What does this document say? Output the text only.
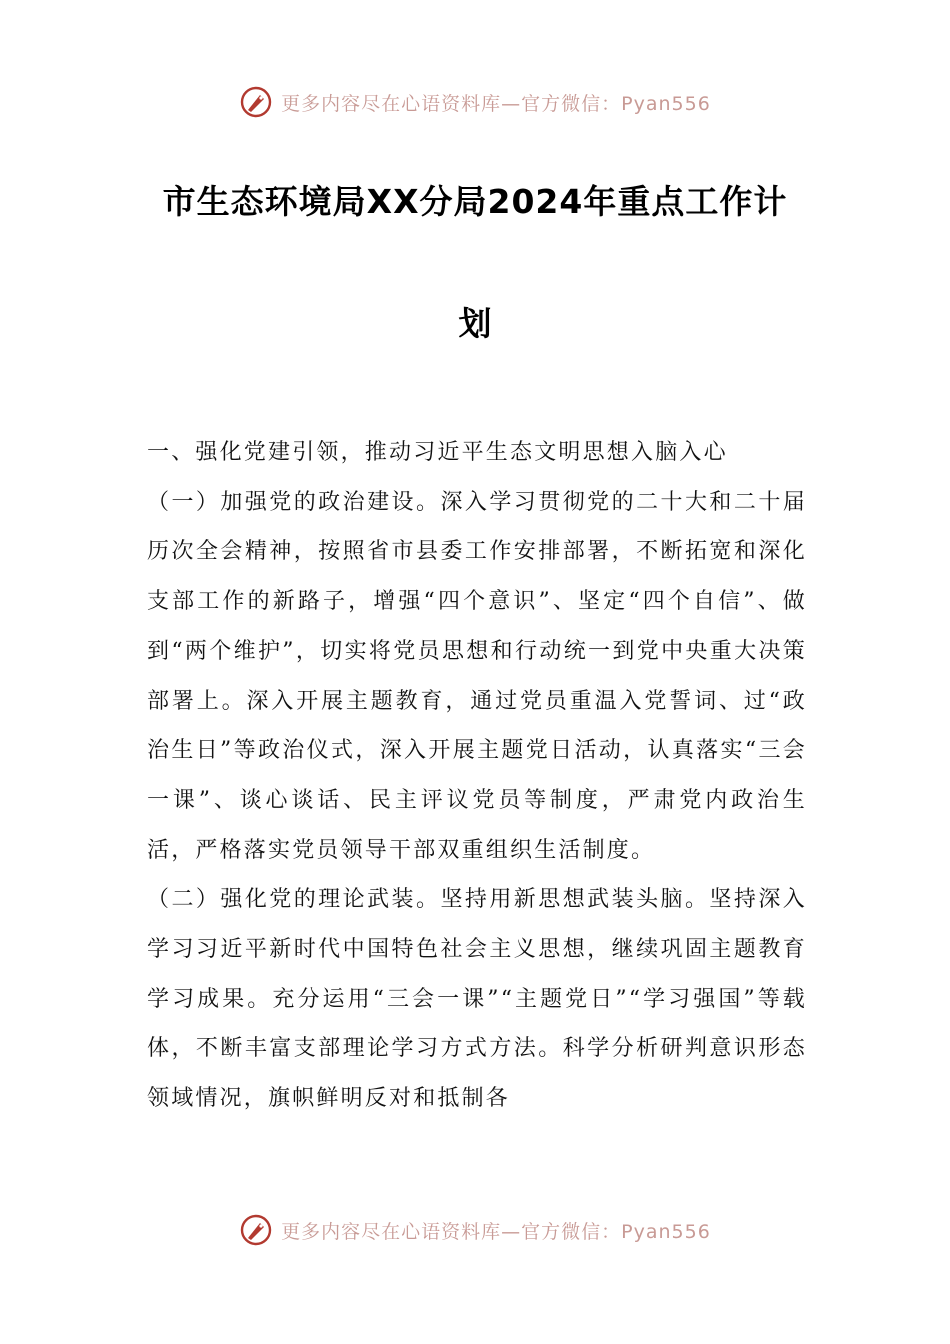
更多内容尽在心语资料库—官方微信：Pyan556
市生态环境局XX分局2024年重点工作计
划

一、强化党建引领，推动习近平生态文明思想入脑入心

（一）加强党的政治建设。深入学习贯彻党的二十大和二十届历次全会精神，按照省市县委工作安排部署，不断拓宽和深化支部工作的新路子，增强“四个意识”、坚定“四个自信”、做到“两个维护”，切实将党员思想和行动统一到党中央重大决策部署上。深入开展主题教育，通过党员重温入党誓词、过“政治生日”等政治仪式，深入开展主题党日活动，认真落实“三会一课”、谈心谈话、民主评议党员等制度，严肃党内政治生活，严格落实党员领导干部双重组织生活制度。

（二）强化党的理论武装。坚持用新思想武装头脑。坚持深入学习习近平新时代中国特色社会主义思想，继续巩固主题教育学习成果。充分运用“三会一课”“主题党日”“学习强国”等载体，不断丰富支部理论学习方式方法。科学分析研判意识形态领域情况，旗帜鲜明反对和抵制各

更多内容尽在心语资料库—官方微信：Pyan556
